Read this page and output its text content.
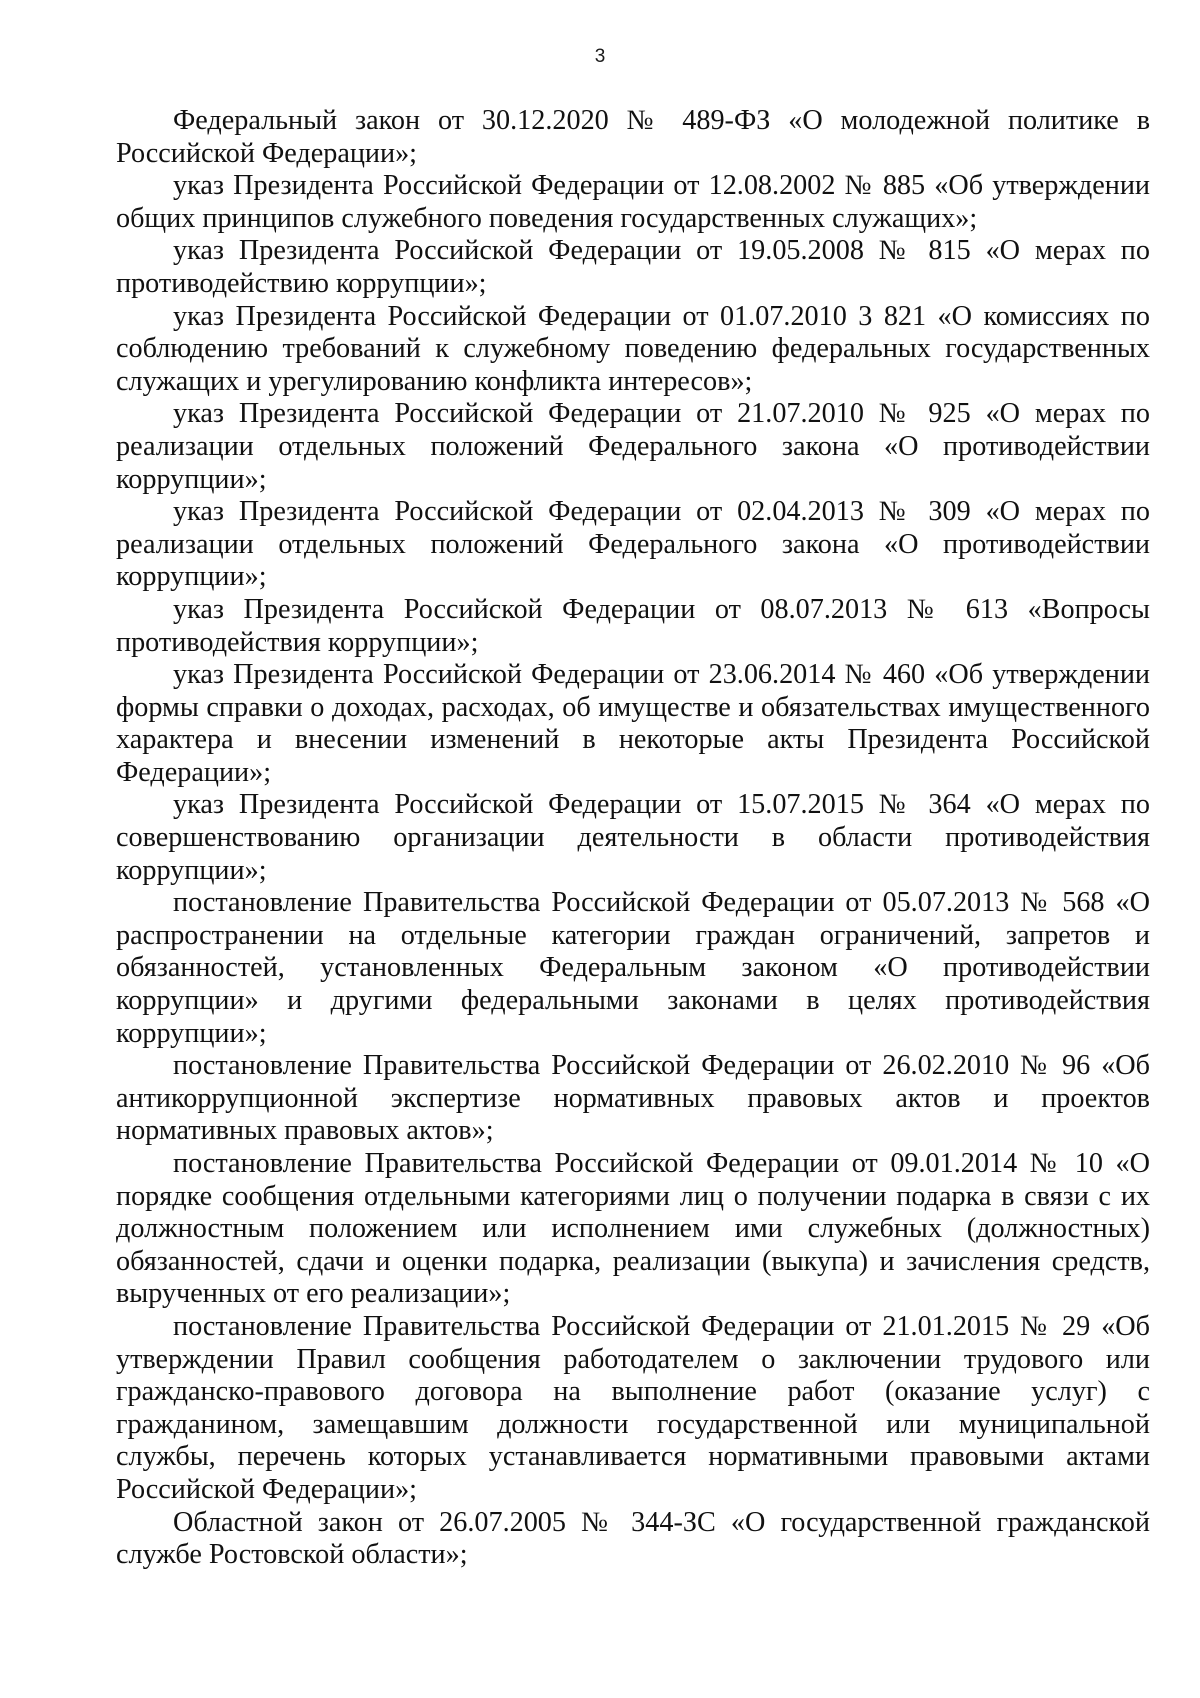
3

Федеральный закон от 30.12.2020 № 489-ФЗ «О молодежной политике в Российской Федерации»;

указ Президента Российской Федерации от 12.08.2002 № 885 «Об утверждении общих принципов служебного поведения государственных служащих»;

указ Президента Российской Федерации от 19.05.2008 № 815 «О мерах по противодействию коррупции»;

указ Президента Российской Федерации от 01.07.2010 3 821 «О комиссиях по соблюдению требований к служебному поведению федеральных государственных служащих и урегулированию конфликта интересов»;

указ Президента Российской Федерации от 21.07.2010 № 925 «О мерах по реализации отдельных положений Федерального закона «О противодействии коррупции»;

указ Президента Российской Федерации от 02.04.2013 № 309 «О мерах по реализации отдельных положений Федерального закона «О противодействии коррупции»;

указ Президента Российской Федерации от 08.07.2013 № 613 «Вопросы противодействия коррупции»;

указ Президента Российской Федерации от 23.06.2014 № 460 «Об утверждении формы справки о доходах, расходах, об имуществе и обязательствах имущественного характера и внесении изменений в некоторые акты Президента Российской Федерации»;

указ Президента Российской Федерации от 15.07.2015 № 364 «О мерах по совершенствованию организации деятельности в области противодействия коррупции»;

постановление Правительства Российской Федерации от 05.07.2013 № 568 «О распространении на отдельные категории граждан ограничений, запретов и обязанностей, установленных Федеральным законом «О противодействии коррупции» и другими федеральными законами в целях противодействия коррупции»;

постановление Правительства Российской Федерации от 26.02.2010 № 96 «Об антикоррупционной экспертизе нормативных правовых актов и проектов нормативных правовых актов»;

постановление Правительства Российской Федерации от 09.01.2014 № 10 «О порядке сообщения отдельными категориями лиц о получении подарка в связи с их должностным положением или исполнением ими служебных (должностных) обязанностей, сдачи и оценки подарка, реализации (выкупа) и зачисления средств, вырученных от его реализации»;

постановление Правительства Российской Федерации от 21.01.2015 № 29 «Об утверждении Правил сообщения работодателем о заключении трудового или гражданско-правового договора на выполнение работ (оказание услуг) с гражданином, замещавшим должности государственной или муниципальной службы, перечень которых устанавливается нормативными правовыми актами Российской Федерации»;

Областной закон от 26.07.2005 № 344-ЗС «О государственной гражданской службе Ростовской области»;
